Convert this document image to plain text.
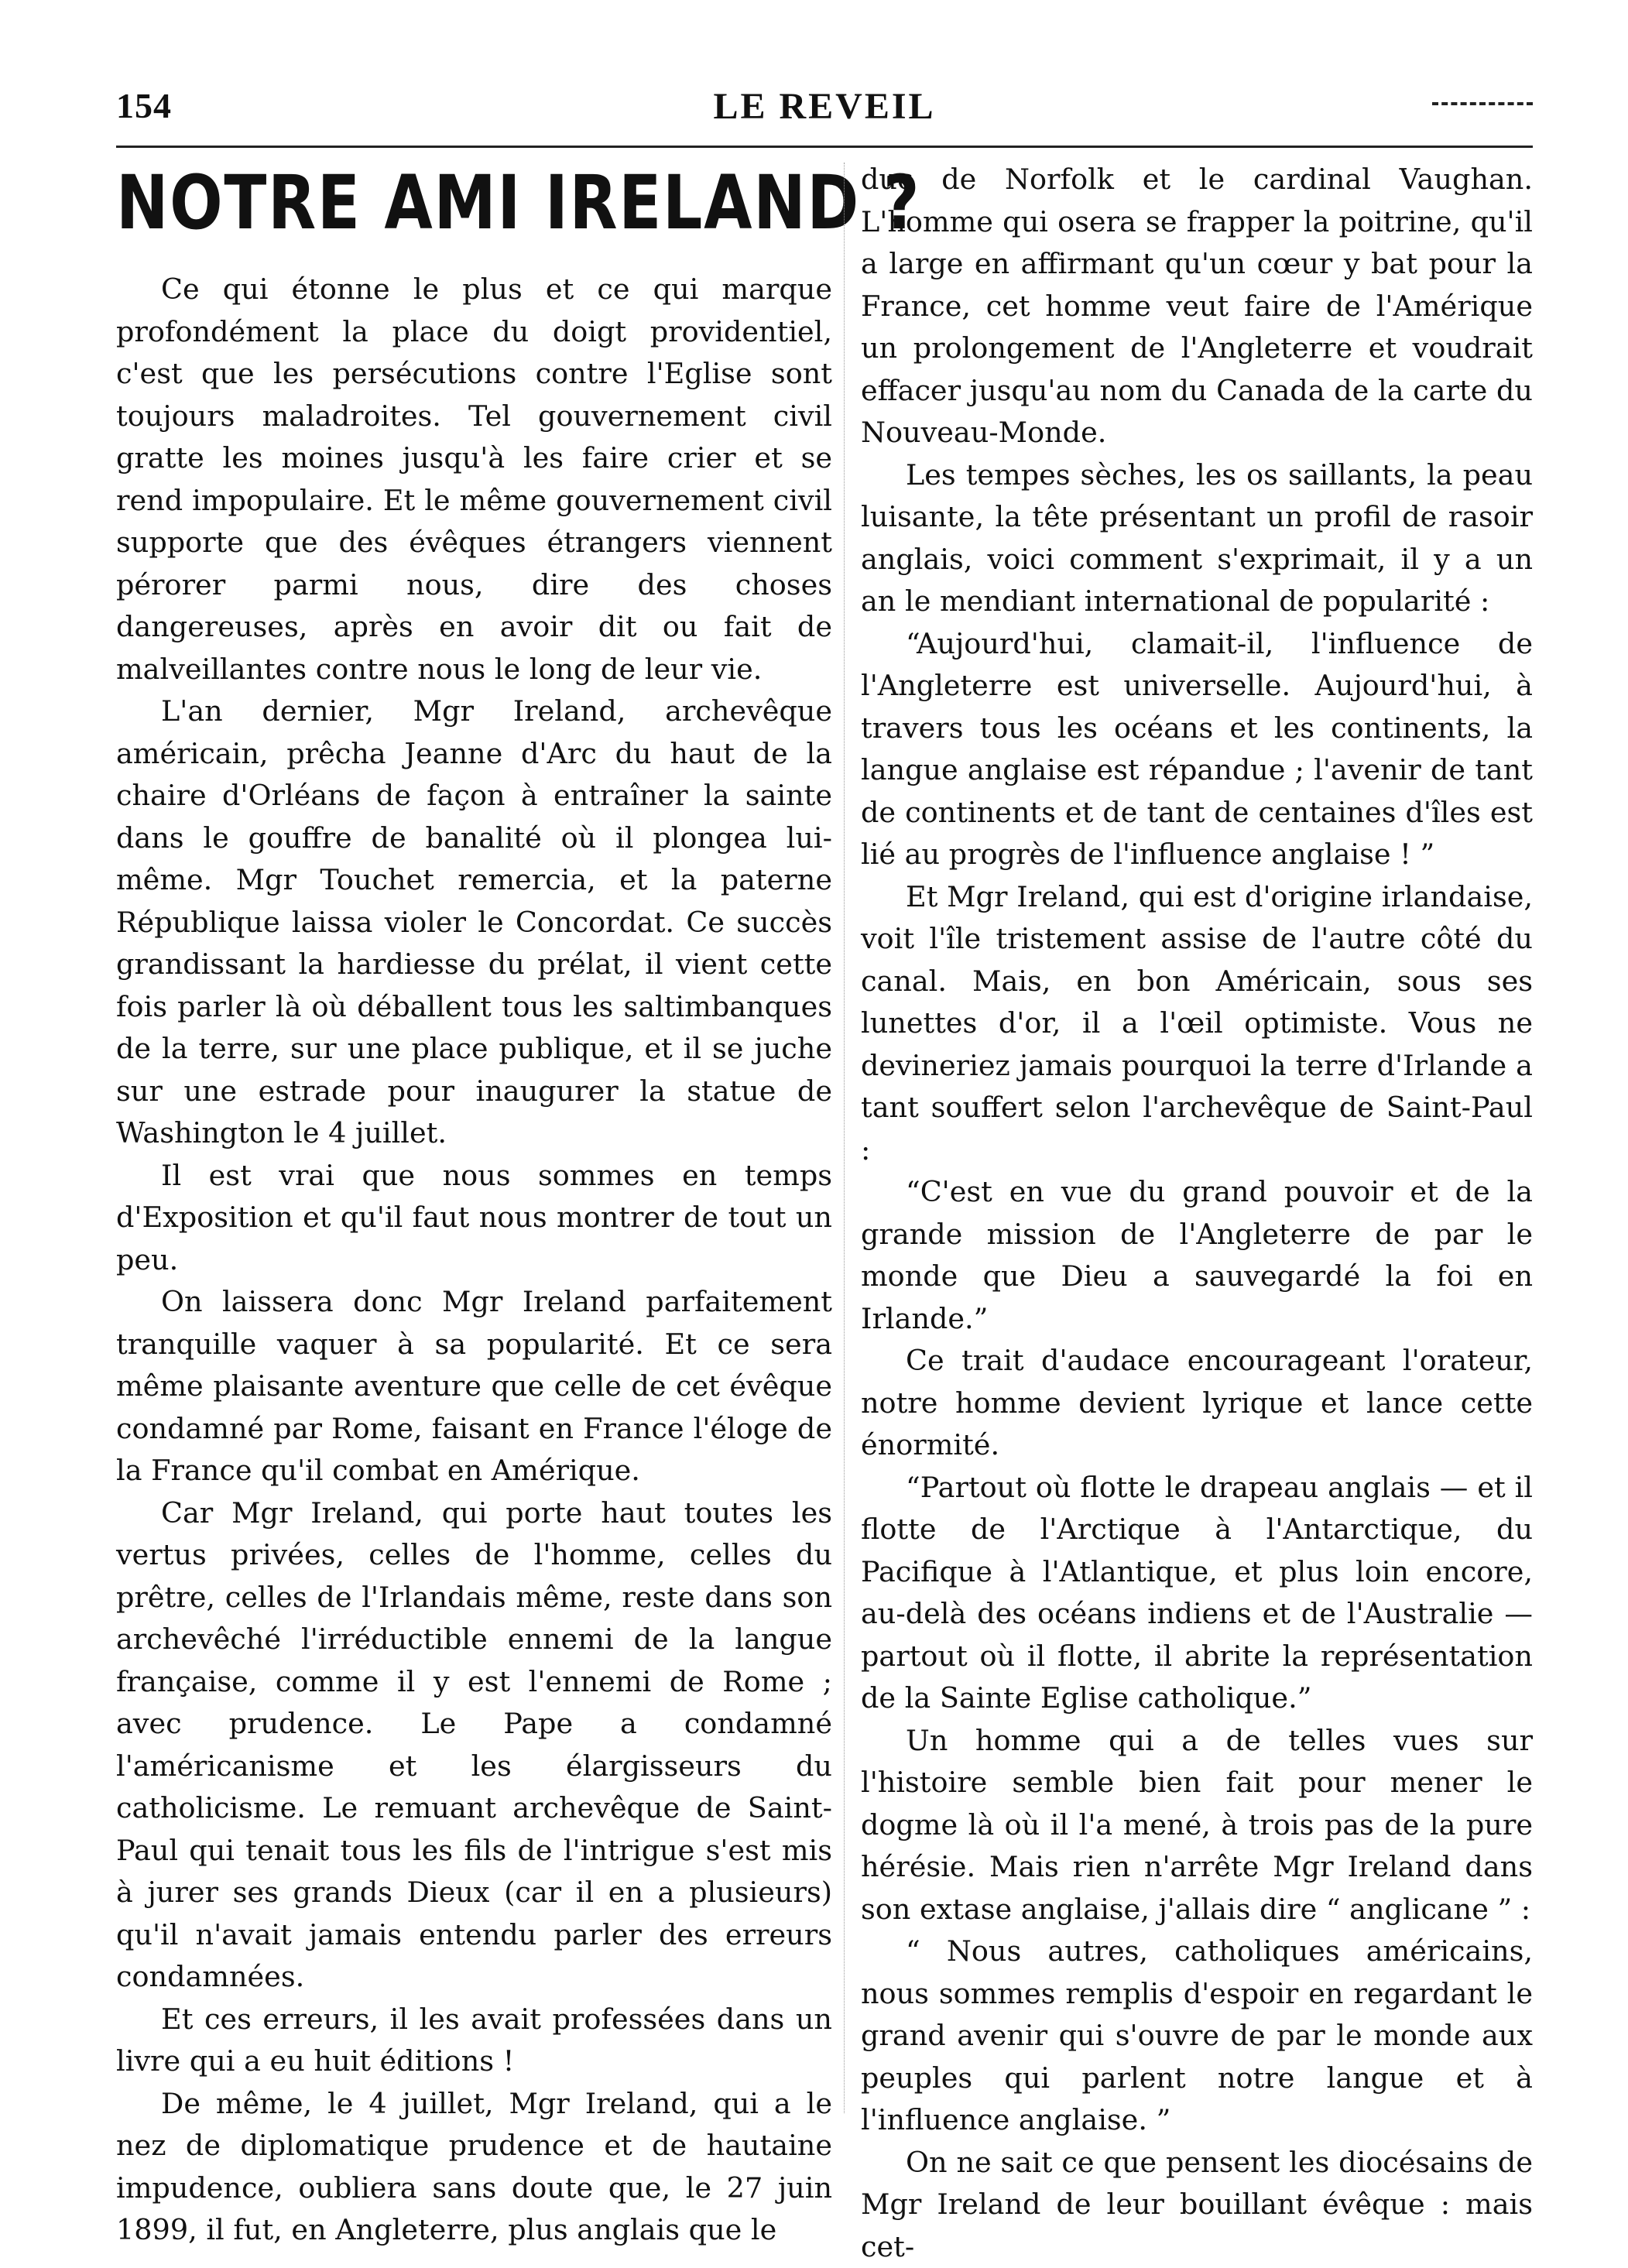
154	LE REVEIL
NOTRE AMI IRELAND ?

Ce qui étonne le plus et ce qui marque profondément la place du doigt providentiel, c'est que les persécutions contre l'Eglise sont toujours maladroites. Tel gouvernement civil gratte les moines jusqu'à les faire crier et se rend impopulaire. Et le même gouvernement civil supporte que des évêques étrangers viennent pérorer parmi nous, dire des choses dangereuses, après en avoir dit ou fait de malveillantes contre nous le long de leur vie.

L'an dernier, Mgr Ireland, archevêque américain, prêcha Jeanne d'Arc du haut de la chaire d'Orléans de façon à entraîner la sainte dans le gouffre de banalité où il plongea lui-même. Mgr Touchet remercia, et la paterne République laissa violer le Concordat. Ce succès grandissant la hardiesse du prélat, il vient cette fois parler là où déballent tous les saltimbanques de la terre, sur une place publique, et il se juche sur une estrade pour inaugurer la statue de Washington le 4 juillet.

Il est vrai que nous sommes en temps d'Exposition et qu'il faut nous montrer de tout un peu.

On laissera donc Mgr Ireland parfaitement tranquille vaquer à sa popularité. Et ce sera même plaisante aventure que celle de cet évêque condamné par Rome, faisant en France l'éloge de la France qu'il combat en Amérique.

Car Mgr Ireland, qui porte haut toutes les vertus privées, celles de l'homme, celles du prêtre, celles de l'Irlandais même, reste dans son archevêché l'irréductible ennemi de la langue française, comme il y est l'ennemi de Rome ; avec prudence. Le Pape a condamné l'américanisme et les élargisseurs du catholicisme. Le remuant archevêque de Saint-Paul qui tenait tous les fils de l'intrigue s'est mis à jurer ses grands Dieux (car il en a plusieurs) qu'il n'avait jamais entendu parler des erreurs condamnées.

Et ces erreurs, il les avait professées dans un livre qui a eu huit éditions !

De même, le 4 juillet, Mgr Ireland, qui a le nez de diplomatique prudence et de hautaine impudence, oubliera sans doute que, le 27 juin 1899, il fut, en Angleterre, plus anglais que le

duc de Norfolk et le cardinal Vaughan. L'homme qui osera se frapper la poitrine, qu'il a large en affirmant qu'un cœur y bat pour la France, cet homme veut faire de l'Amérique un prolongement de l'Angleterre et voudrait effacer jusqu'au nom du Canada de la carte du Nouveau-Monde.

Les tempes sèches, les os saillants, la peau luisante, la tête présentant un profil de rasoir anglais, voici comment s'exprimait, il y a un an le mendiant international de popularité :

“Aujourd'hui, clamait-il, l'influence de l'Angleterre est universelle. Aujourd'hui, à travers tous les océans et les continents, la langue anglaise est répandue ; l'avenir de tant de continents et de tant de centaines d'îles est lié au progrès de l'influence anglaise ! ”

Et Mgr Ireland, qui est d'origine irlandaise, voit l'île tristement assise de l'autre côté du canal. Mais, en bon Américain, sous ses lunettes d'or, il a l'œil optimiste. Vous ne devineriez jamais pourquoi la terre d'Irlande a tant souffert selon l'archevêque de Saint-Paul :

“C'est en vue du grand pouvoir et de la grande mission de l'Angleterre de par le monde que Dieu a sauvegardé la foi en Irlande.”

Ce trait d'audace encourageant l'orateur, notre homme devient lyrique et lance cette énormité.

“Partout où flotte le drapeau anglais — et il flotte de l'Arctique à l'Antarctique, du Pacifique à l'Atlantique, et plus loin encore, au-delà des océans indiens et de l'Australie — partout où il flotte, il abrite la représentation de la Sainte Eglise catholique.”

Un homme qui a de telles vues sur l'histoire semble bien fait pour mener le dogme là où il l'a mené, à trois pas de la pure hérésie. Mais rien n'arrête Mgr Ireland dans son extase anglaise, j'allais dire “ anglicane ” :

“ Nous autres, catholiques américains, nous sommes remplis d'espoir en regardant le grand avenir qui s'ouvre de par le monde aux peuples qui parlent notre langue et à l'influence anglaise. ”

On ne sait ce que pensent les diocésains de Mgr Ireland de leur bouillant évêque : mais cet-
